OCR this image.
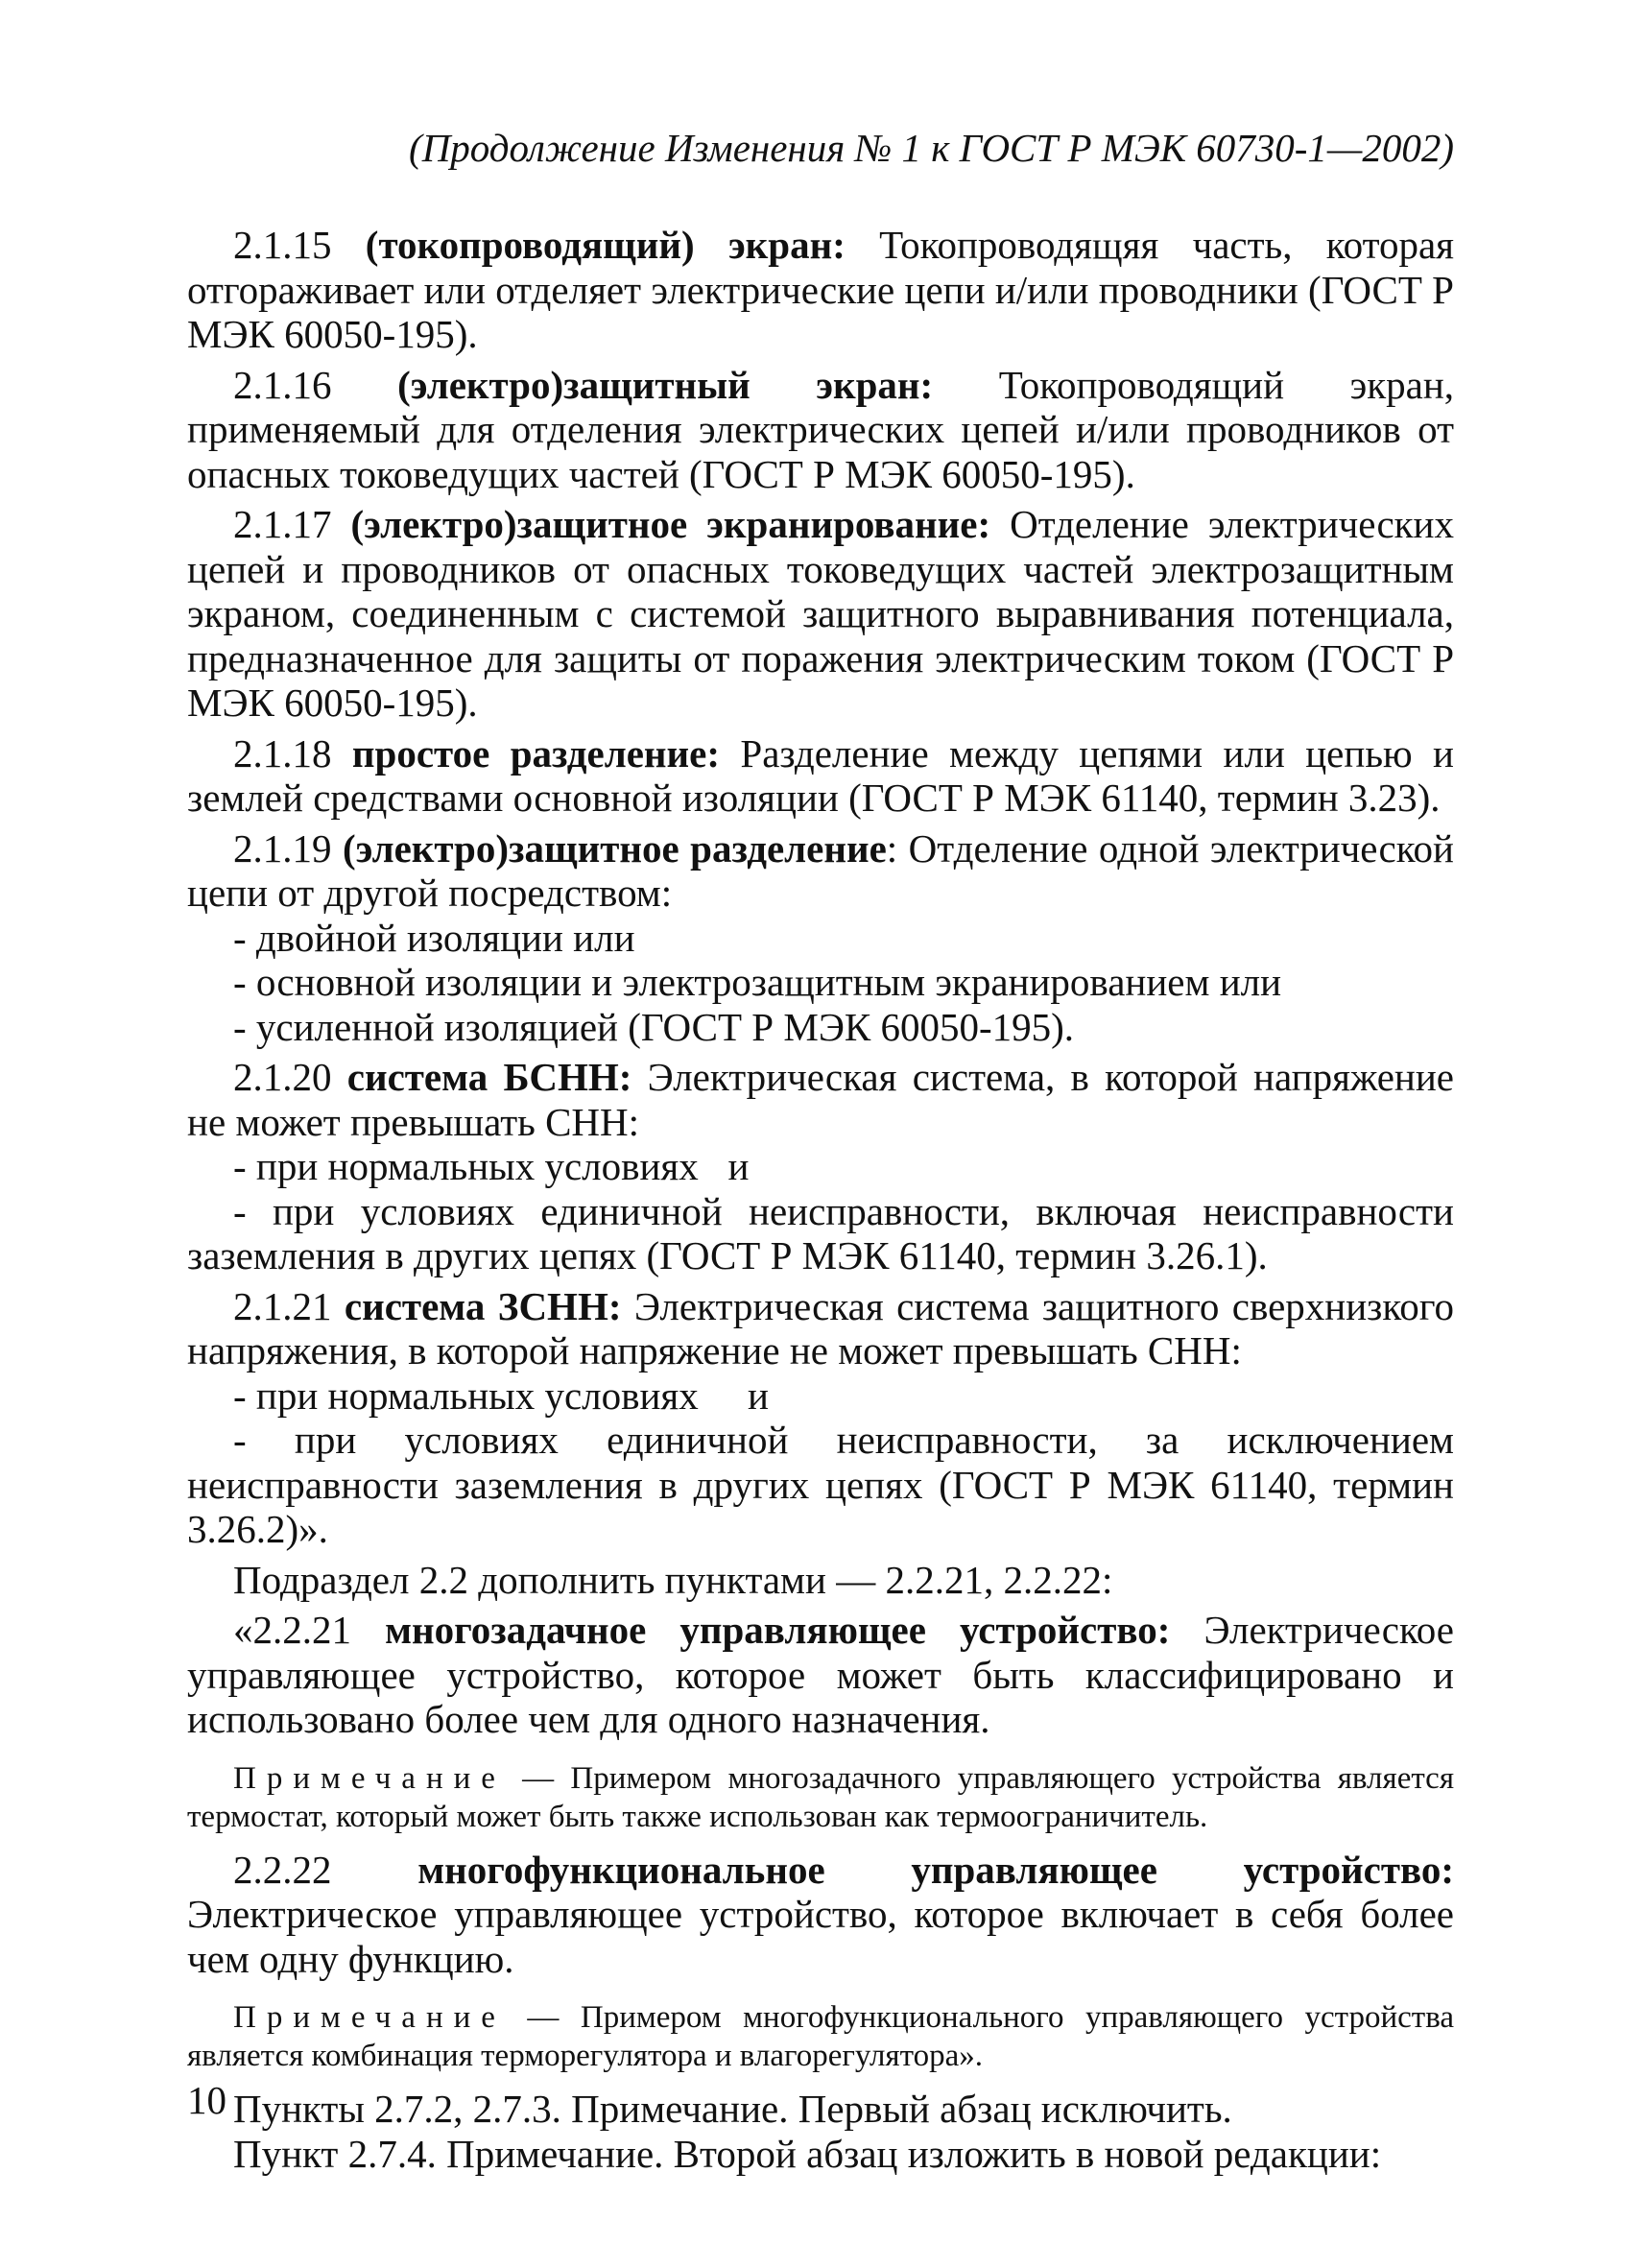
(Продолжение Изменения № 1 к ГОСТ Р МЭК 60730-1—2002)

2.1.15 (токопроводящий) экран: Токопроводящяя часть, которая отгораживает или отделяет электрические цепи и/или проводники (ГОСТ Р МЭК 60050-195).

2.1.16 (электро)защитный экран: Токопроводящий экран, применяемый для отделения электрических цепей и/или проводников от опасных токоведущих частей (ГОСТ Р МЭК 60050-195).

2.1.17 (электро)защитное экранирование: Отделение электрических цепей и проводников от опасных токоведущих частей электрозащитным экраном, соединенным с системой защитного выравнивания потенциала, предназначенное для защиты от поражения электрическим током (ГОСТ Р МЭК 60050-195).

2.1.18 простое разделение: Разделение между цепями или цепью и землей средствами основной изоляции (ГОСТ Р МЭК 61140, термин 3.23).

2.1.19 (электро)защитное разделение: Отделение одной электрической цепи от другой посредством:

- двойной изоляции или

- основной изоляции и электрозащитным экранированием или

- усиленной изоляцией (ГОСТ Р МЭК 60050-195).

2.1.20 система БСНН: Электрическая система, в которой напряжение не может превышать СНН:

- при нормальных условиях   и

- при условиях единичной неисправности, включая неисправности заземления в других цепях (ГОСТ Р МЭК 61140, термин 3.26.1).

2.1.21 система ЗСНН: Электрическая система защитного сверхнизкого напряжения, в которой напряжение не может превышать СНН:

- при нормальных условиях     и

- при условиях единичной неисправности, за исключением неисправности заземления в других цепях (ГОСТ Р МЭК 61140, термин 3.26.2)».

Подраздел 2.2 дополнить пунктами — 2.2.21, 2.2.22:

«2.2.21 многозадачное управляющее устройство: Электрическое управляющее устройство, которое может быть классифицировано и использовано более чем для одного назначения.

Примечание — Примером многозадачного управляющего устройства является термостат, который может быть также использован как термоограничитель.

2.2.22 многофункциональное управляющее устройство: Электрическое управляющее устройство, которое включает в себя более чем одну функцию.

Примечание — Примером многофункционального управляющего устройства является комбинация терморегулятора и влагорегулятора».

Пункты 2.7.2, 2.7.3. Примечание. Первый абзац исключить.

Пункт 2.7.4. Примечание. Второй абзац изложить в новой редакции:

10
